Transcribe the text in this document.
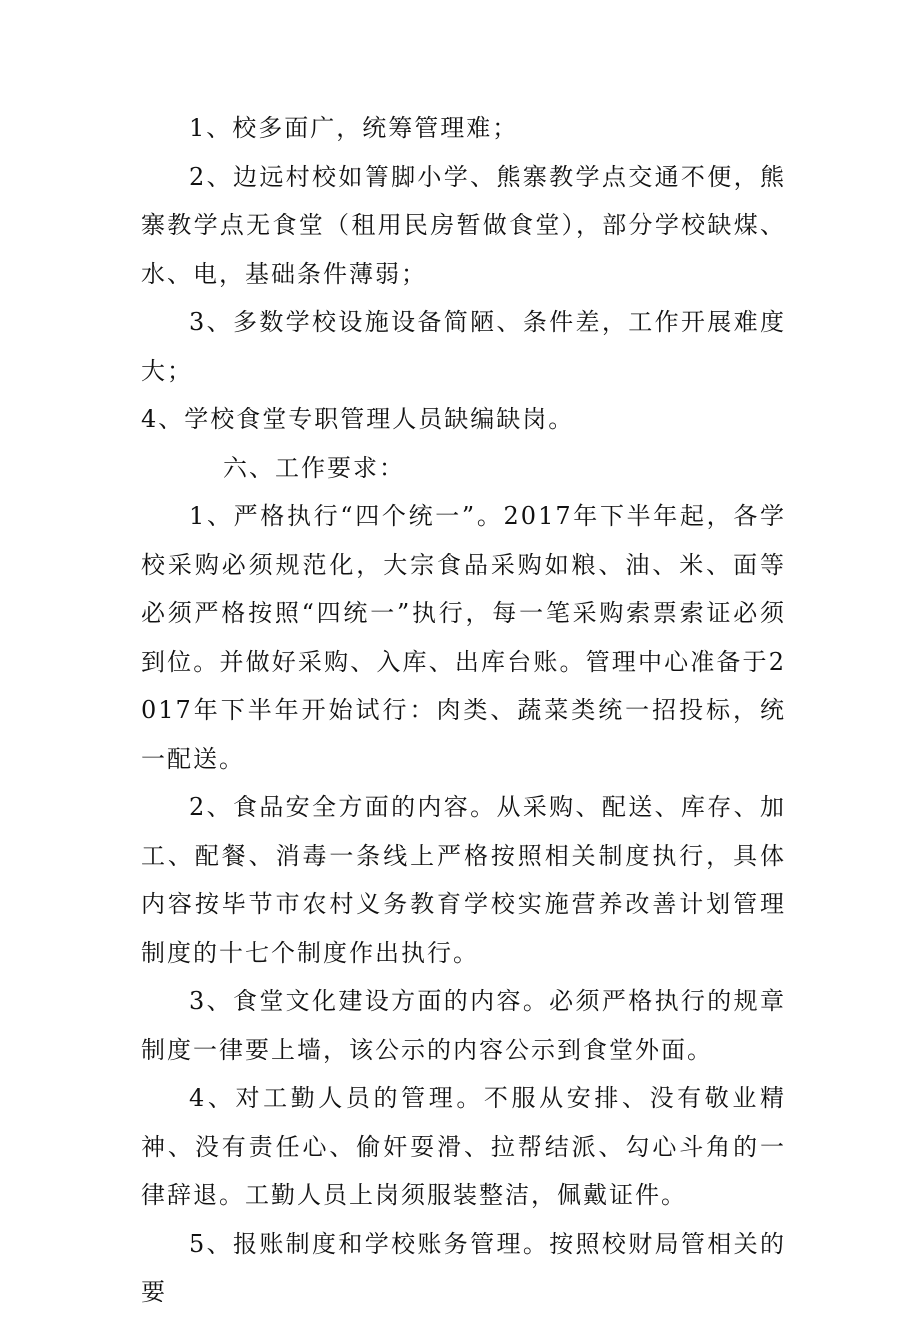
1、校多面广，统筹管理难；

2、边远村校如箐脚小学、熊寨教学点交通不便，熊寨教学点无食堂（租用民房暂做食堂），部分学校缺煤、水、电，基础条件薄弱；

3、多数学校设施设备简陋、条件差，工作开展难度大；

4、学校食堂专职管理人员缺编缺岗。

六、工作要求：

1、严格执行“四个统一”。2017年下半年起，各学校采购必须规范化，大宗食品采购如粮、油、米、面等必须严格按照“四统一”执行，每一笔采购索票索证必须到位。并做好采购、入库、出库台账。管理中心准备于2017年下半年开始试行：肉类、蔬菜类统一招投标，统一配送。

2、食品安全方面的内容。从采购、配送、库存、加工、配餐、消毒一条线上严格按照相关制度执行，具体内容按毕节市农村义务教育学校实施营养改善计划管理制度的十七个制度作出执行。

3、食堂文化建设方面的内容。必须严格执行的规章制度一律要上墙，该公示的内容公示到食堂外面。

4、对工勤人员的管理。不服从安排、没有敬业精神、没有责任心、偷奸耍滑、拉帮结派、勾心斗角的一律辞退。工勤人员上岗须服装整洁，佩戴证件。

5、报账制度和学校账务管理。按照校财局管相关的要
